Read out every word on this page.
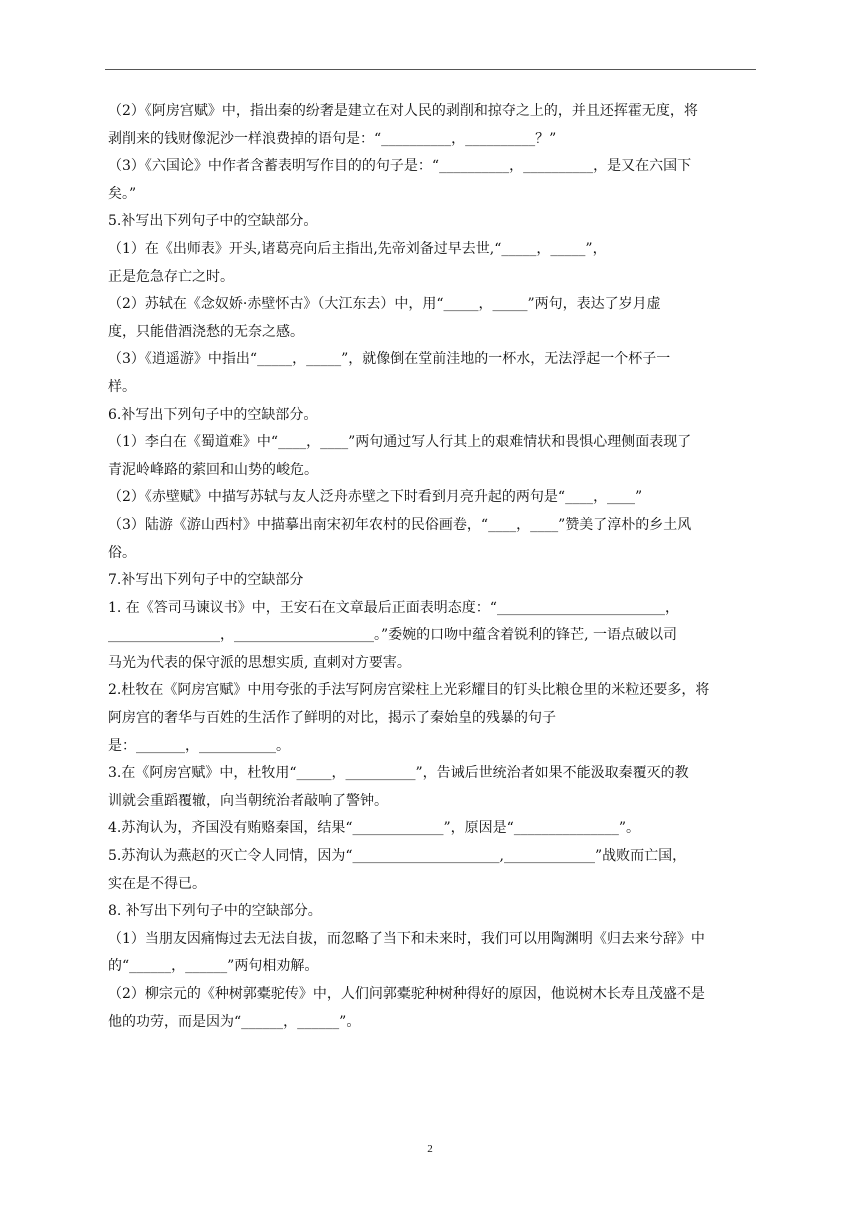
（2）《阿房宫赋》中，指出秦的纷奢是建立在对人民的剥削和掠夺之上的，并且还挥霍无度，将
剥削来的钱财像泥沙一样浪费掉的语句是：“__________，__________？”
（3）《六国论》中作者含蓄表明写作目的的句子是：“__________，__________，是又在六国下
矣。”
5.补写出下列句子中的空缺部分。
（1）在《出师表》开头,诸葛亮向后主指出,先帝刘备过早去世,“_____，_____”，
正是危急存亡之时。
（2）苏轼在《念奴娇·赤壁怀古》（大江东去）中，用“_____，_____”两句，表达了岁月虚
度，只能借酒浇愁的无奈之感。
（3）《逍遥游》中指出“_____，_____”，就像倒在堂前洼地的一杯水，无法浮起一个杯子一
样。
6.补写出下列句子中的空缺部分。
（1）李白在《蜀道难》中“____，____”两句通过写人行其上的艰难情状和畏惧心理侧面表现了
青泥岭峰路的萦回和山势的峻危。
（2）《赤壁赋》中描写苏轼与友人泛舟赤壁之下时看到月亮升起的两句是“____，____”
（3）陆游《游山西村》中描摹出南宋初年农村的民俗画卷，“____，____”赞美了淳朴的乡土风
俗。
7.补写出下列句子中的空缺部分
1. 在《答司马谏议书》中，王安石在文章最后正面表明态度：“________________________，
________________，____________________。”委婉的口吻中蕴含着锐利的锋芒, 一语点破以司
马光为代表的保守派的思想实质, 直刺对方要害。
2.杜牧在《阿房宫赋》中用夸张的手法写阿房宫梁柱上光彩耀目的钉头比粮仓里的米粒还要多，将
阿房宫的奢华与百姓的生活作了鲜明的对比，揭示了秦始皇的残暴的句子
是：_______，___________。
3.在《阿房宫赋》中，杜牧用“_____，__________”，告诫后世统治者如果不能汲取秦覆灭的教
训就会重蹈覆辙，向当朝统治者敲响了警钟。
4.苏洵认为，齐国没有贿赂秦国，结果“_____________”，原因是“_______________”。
5.苏洵认为燕赵的灭亡令人同情，因为“_____________________,_____________”战败而亡国，
实在是不得已。
8. 补写出下列句子中的空缺部分。
（1）当朋友因痛悔过去无法自拔，而忽略了当下和未来时，我们可以用陶渊明《归去来兮辞》中
的“______，______”两句相劝解。
（2）柳宗元的《种树郭橐驼传》中，人们问郭橐驼种树种得好的原因，他说树木长寿且茂盛不是
他的功劳，而是因为“______，______”。
2
